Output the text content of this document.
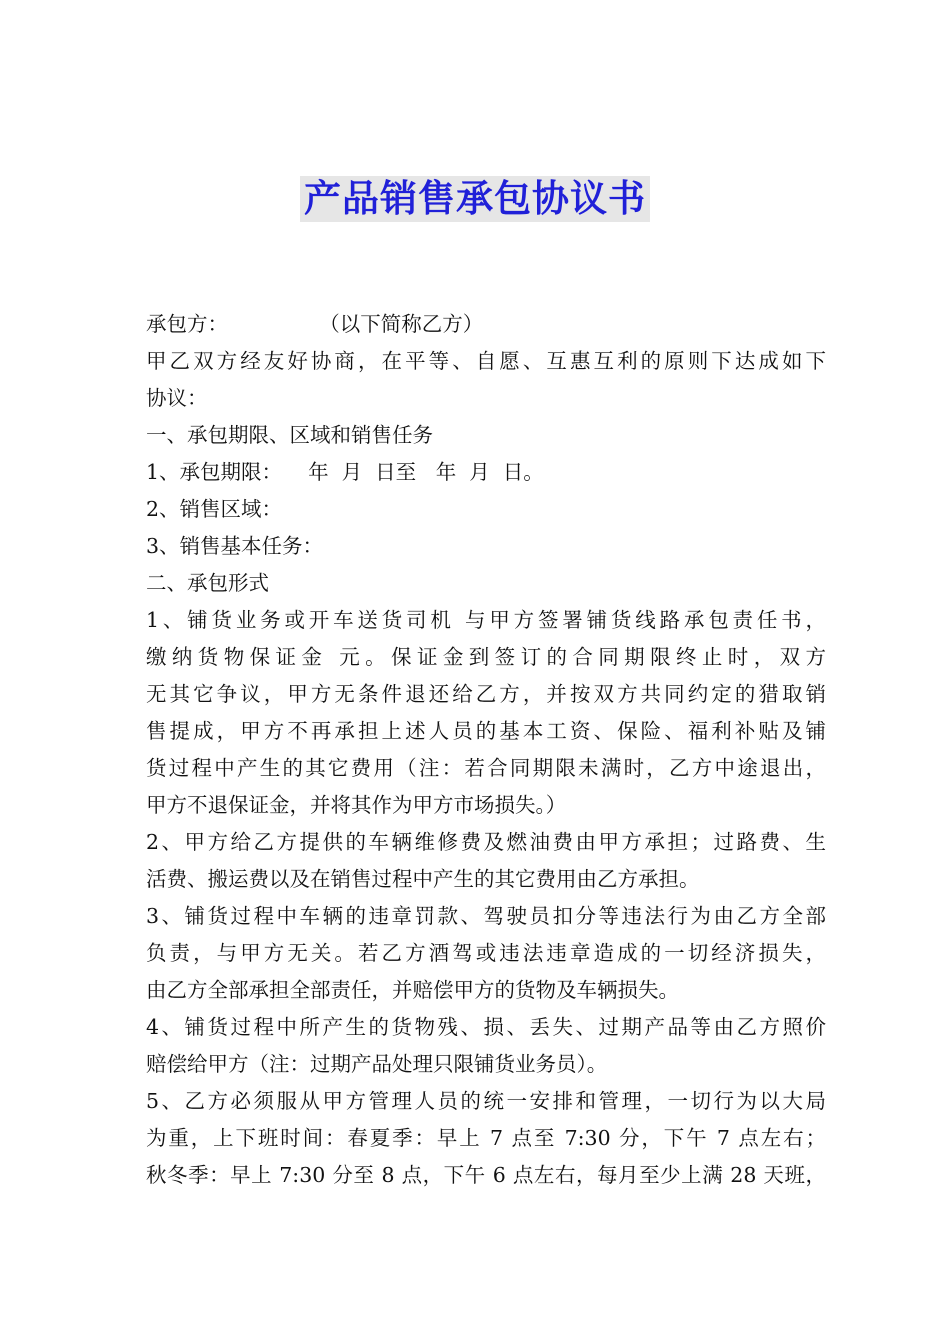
产品销售承包协议书
承包方：              （以下简称乙方）
甲乙双方经友好协商，在平等、自愿、互惠互利的原则下达成如下
协议：
一、承包期限、区域和销售任务
1、承包期限：    年  月  日至   年  月  日。
2、销售区域：
3、销售基本任务：
二、承包形式
1、铺货业务或开车送货司机 与甲方签署铺货线路承包责任书，
缴纳货物保证金 元。保证金到签订的合同期限终止时，双方
无其它争议，甲方无条件退还给乙方，并按双方共同约定的猎取销
售提成，甲方不再承担上述人员的基本工资、保险、福利补贴及铺
货过程中产生的其它费用（注：若合同期限未满时，乙方中途退出，
甲方不退保证金，并将其作为甲方市场损失。）
2、甲方给乙方提供的车辆维修费及燃油费由甲方承担；过路费、生
活费、搬运费以及在销售过程中产生的其它费用由乙方承担。
3、铺货过程中车辆的违章罚款、驾驶员扣分等违法行为由乙方全部
负责，与甲方无关。若乙方酒驾或违法违章造成的一切经济损失，
由乙方全部承担全部责任，并赔偿甲方的货物及车辆损失。
4、铺货过程中所产生的货物残、损、丢失、过期产品等由乙方照价
赔偿给甲方（注：过期产品处理只限铺货业务员）。
5、乙方必须服从甲方管理人员的统一安排和管理，一切行为以大局
为重，上下班时间：春夏季：早上 7 点至 7:30 分，下午 7 点左右；
秋冬季：早上 7:30 分至 8 点，下午 6 点左右，每月至少上满 28 天班，
